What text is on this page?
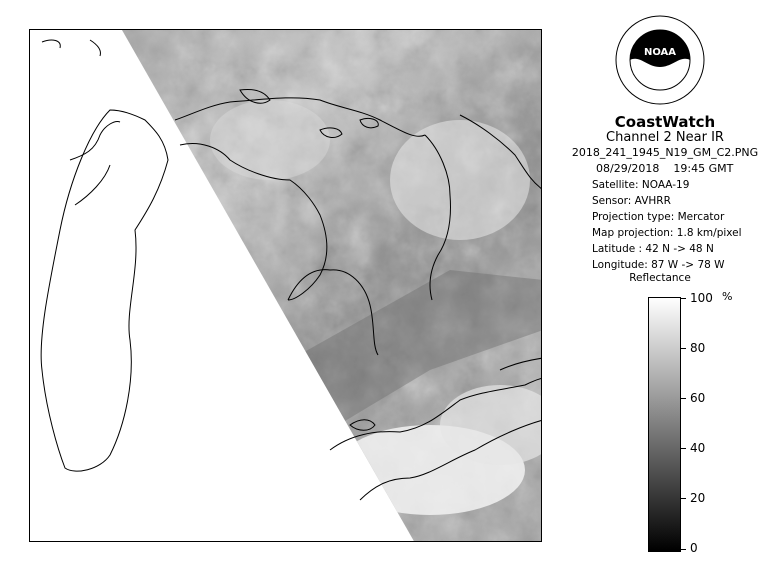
NOAA
CoastWatch
Channel 2 Near IR
2018_241_1945_N19_GM_C2.PNG
08/29/2018    19:45 GMT
Satellite: NOAA-19
Sensor: AVHRR
Projection type: Mercator
Map projection: 1.8 km/pixel
Latitude : 42 N -> 48 N
Longitude: 87 W -> 78 W
Reflectance
%
100
80
60
40
20
0
